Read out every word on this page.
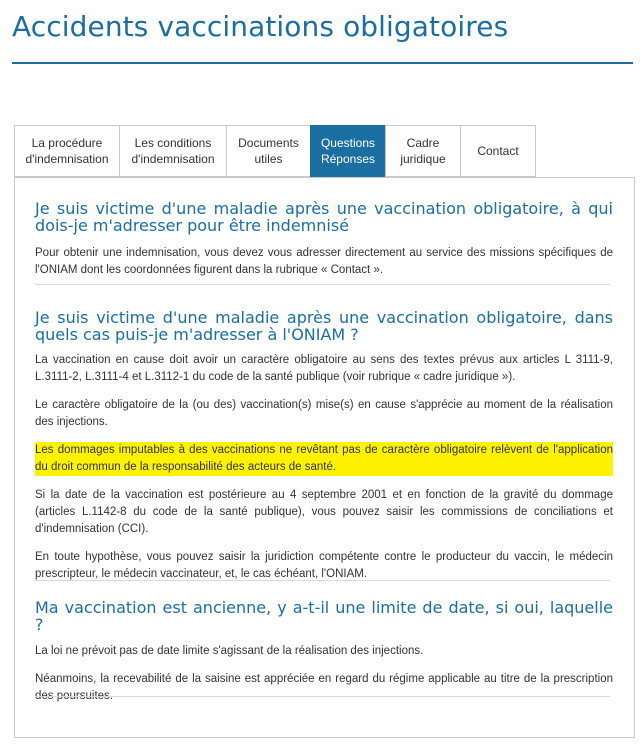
Accidents vaccinations obligatoires
La procédure
d'indemnisation
Les conditions
d'indemnisation
Documents
utiles
Questions
Réponses
Cadre
juridique
Contact
Je suis victime d'une maladie après une vaccination obligatoire, à qui dois-je m'adresser pour être indemnisé

Pour obtenir une indemnisation, vous devez vous adresser directement au service des missions spécifiques de l'ONIAM dont les coordonnées figurent dans la rubrique « Contact ».

Je suis victime d'une maladie après une vaccination obligatoire, dans quels cas puis-je m'adresser à l'ONIAM ?

La vaccination en cause doit avoir un caractère obligatoire au sens des textes prévus aux articles L 3111-9, L.3111-2, L.3111-4 et L.3112-1 du code de la santé publique (voir rubrique « cadre juridique »).

Le caractère obligatoire de la (ou des) vaccination(s) mise(s) en cause s'apprécie au moment de la réalisation des injections.

Les dommages imputables à des vaccinations ne revêtant pas de caractère obligatoire relèvent de l'application du droit commun de la responsabilité des acteurs de santé.

Si la date de la vaccination est postérieure au 4 septembre 2001 et en fonction de la gravité du dommage (articles L.1142-8 du code de la santé publique), vous pouvez saisir les commissions de conciliations et d'indemnisation (CCI).

En toute hypothèse, vous pouvez saisir la juridiction compétente contre le producteur du vaccin, le médecin prescripteur, le médecin vaccinateur, et, le cas échéant, l'ONIAM.

Ma vaccination est ancienne, y a-t-il une limite de date, si oui, laquelle ?

La loi ne prévoit pas de date limite s'agissant de la réalisation des injections.

Néanmoins, la recevabilité de la saisine est appréciée en regard du régime applicable au titre de la prescription des poursuites.
